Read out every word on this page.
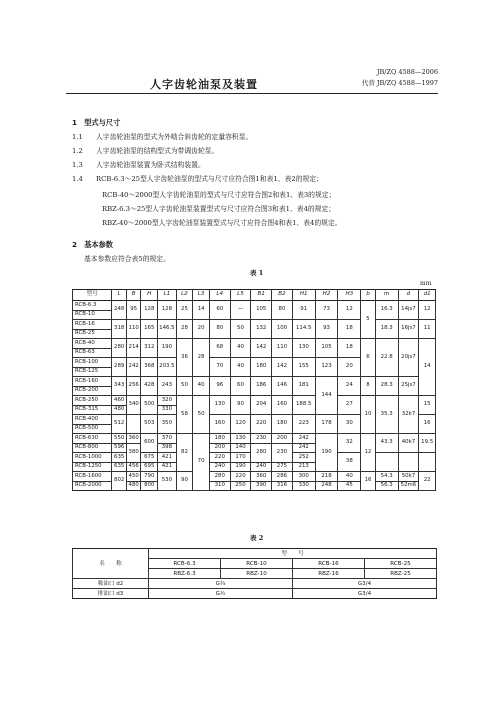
JB/ZQ 4588—2006
代替 JB/ZQ 4588—1997
人字齿轮油泵及装置
1　型式与尺寸
1.1 人字齿轮油泵的型式为外啮合斜齿轮的定量容积泵。
1.2 人字齿轮油泵的结构型式为带调齿轮泵。
1.3 人字齿轮油泵装置为卧式结构装置。
1.4 RCB-6.3～25型人字齿轮油泵的型式与尺寸应符合图1和表1、表2的规定；
RCB-40～2000型人字齿轮油泵的型式与尺寸应符合图2和表1、表3的规定；
RBZ-6.3～25型人字齿轮油泵装置型式与尺寸应符合图3和表1、表4的规定；
RBZ-40～2000型人字齿轮油泵装置型式与尺寸应符合图4和表1、表4的规定。
2　基本参数
基本参数应符合表5的规定。
表 1
mm
型号	L	B	H	L1	L2	L3	L4	L5	B1	B2	H1	H2	H3	b	m	d	d1
RCB-6.3	248	95	128	128	25	14	60	—	105	80	91	73	12	5	16.3	14js7	12
RCB-10																	
RCB-16	318	110	165	146.5	28	20	80	50	132	100	114.5	93	18		18.3	16js7	11
RCB-25																	
RCB-40	280	214	312	190	36	28	68	40	142	110	130	105	18	6	22.8	20js7	14
RCB-63																	
RCB-100	289	242	368	203.5			70	40	180	142	155	123	20				
RCB-125																	
RCB-160	343	256	428	243	50	40	96	60	186	146	181	144	24	8	28.3	25js7	
RCB-200																	
RCB-250	460	340	500	320	58	50	130	90	204	160	188.5		27	10	35.3	32k7	15
RCB-315	480			330													
RCB-400	512		503	350			160	120	220	180	223	178	30				16
RCB-500																	
RCB-630	550	360	600	370	82	70	180	130	230	200	242	190	32	12	43.3	40k7	19.5
RCB-800	596	380		398			200	140	280	230	242						
RCB-1000	635		675	421			220	170			252		38				
RCB-1250	635	456	695	421			240	190	240	275	213						
RCB-1600	802	450	790	530	90		280	220	360	286	300	218	40	16	54.3	50k7	22
RCB-2000		480	800				310	250	390	316	330	248	45		56.3	52m6	
表 2
名　　称	型　　号			
	RCB-6.3	RCB-10	RCB-16	RCB-25
	RBZ-6.3	RBZ-10	RBZ-16	RBZ-25
吸油口 d2	G¾		G3/4	
排油口 d3	G½		G3/4	
